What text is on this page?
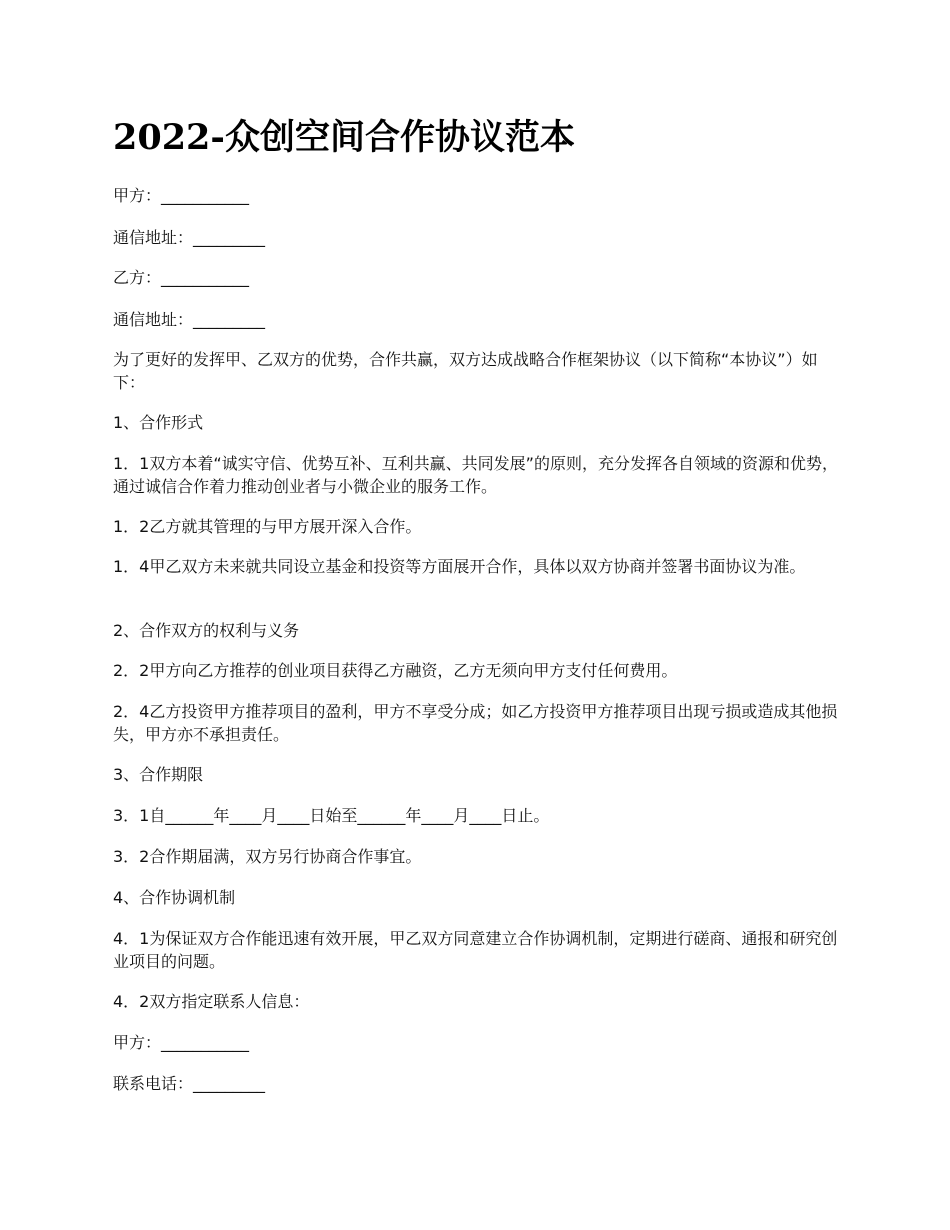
2022-众创空间合作协议范本

甲方：___________

通信地址：_________

乙方：___________

通信地址：_________

为了更好的发挥甲、乙双方的优势，合作共赢，双方达成战略合作框架协议（以下简称“本协议”）如下：

1、合作形式

1．1双方本着“诚实守信、优势互补、互利共赢、共同发展”的原则，充分发挥各自领域的资源和优势，通过诚信合作着力推动创业者与小微企业的服务工作。

1．2乙方就其管理的与甲方展开深入合作。

1．4甲乙双方未来就共同设立基金和投资等方面展开合作，具体以双方协商并签署书面协议为准。

2、合作双方的权利与义务

2．2甲方向乙方推荐的创业项目获得乙方融资，乙方无须向甲方支付任何费用。

2．4乙方投资甲方推荐项目的盈利，甲方不享受分成；如乙方投资甲方推荐项目出现亏损或造成其他损失，甲方亦不承担责任。

3、合作期限

3．1自______年____月____日始至______年____月____日止。

3．2合作期届满，双方另行协商合作事宜。

4、合作协调机制

4．1为保证双方合作能迅速有效开展，甲乙双方同意建立合作协调机制，定期进行磋商、通报和研究创业项目的问题。

4．2双方指定联系人信息：

甲方：___________

联系电话：_________
